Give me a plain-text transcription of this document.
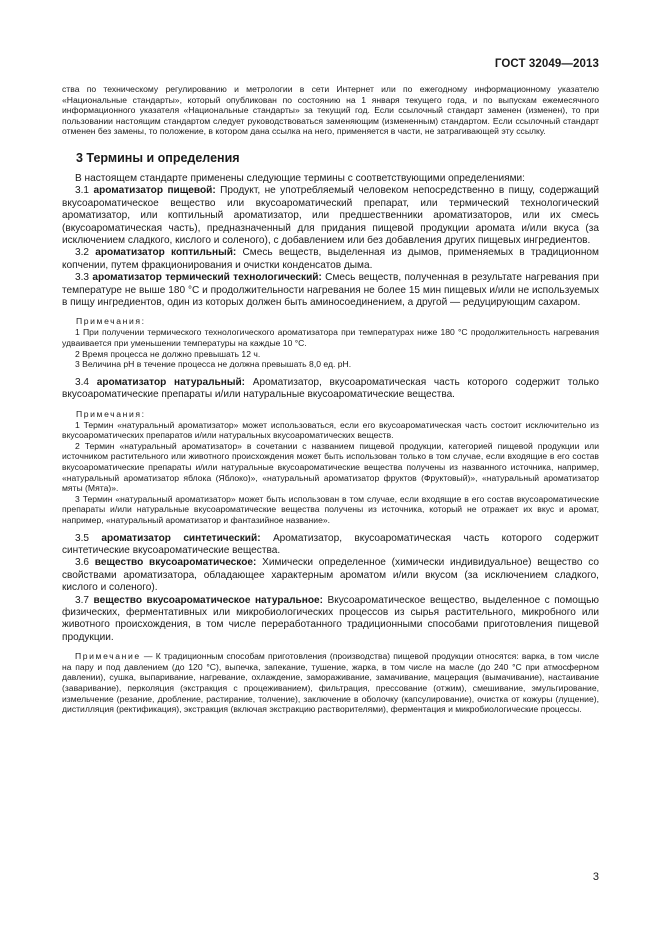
ГОСТ 32049—2013

ства по техническому регулированию и метрологии в сети Интернет или по ежегодному информационному указателю «Национальные стандарты», который опубликован по состоянию на 1 января текущего года, и по выпускам ежемесячного информационного указателя «Национальные стандарты» за текущий год. Если ссылочный стандарт заменен (изменен), то при пользовании настоящим стандартом следует руководствоваться заменяющим (измененным) стандартом. Если ссылочный стандарт отменен без замены, то положение, в котором дана ссылка на него, применяется в части, не затрагивающей эту ссылку.

3 Термины и определения

В настоящем стандарте применены следующие термины с соответствующими определениями:

3.1 ароматизатор пищевой: Продукт, не употребляемый человеком непосредственно в пищу, содержащий вкусоароматическое вещество или вкусоароматический препарат, или термический технологический ароматизатор, или коптильный ароматизатор, или предшественники ароматизаторов, или их смесь (вкусоароматическая часть), предназначенный для придания пищевой продукции аромата и/или вкуса (за исключением сладкого, кислого и соленого), с добавлением или без добавления других пищевых ингредиентов.

3.2 ароматизатор коптильный: Смесь веществ, выделенная из дымов, применяемых в традиционном копчении, путем фракционирования и очистки конденсатов дыма.

3.3 ароматизатор термический технологический: Смесь веществ, полученная в результате нагревания при температуре не выше 180 °С и продолжительности нагревания не более 15 мин пищевых и/или не используемых в пищу ингредиентов, один из которых должен быть аминосоединением, а другой — редуцирующим сахаром.

Примечания:

1 При получении термического технологического ароматизатора при температурах ниже 180 °С продолжительность нагревания удваивается при уменьшении температуры на каждые 10 °С.

2 Время процесса не должно превышать 12 ч.

3 Величина pH в течение процесса не должна превышать 8,0 ед. pH.

3.4 ароматизатор натуральный: Ароматизатор, вкусоароматическая часть которого содержит только вкусоароматические препараты и/или натуральные вкусоароматические вещества.

Примечания:

1 Термин «натуральный ароматизатор» может использоваться, если его вкусоароматическая часть состоит исключительно из вкусоароматических препаратов и/или натуральных вкусоароматических веществ.

2 Термин «натуральный ароматизатор» в сочетании с названием пищевой продукции, категорией пищевой продукции или источником растительного или животного происхождения может быть использован только в том случае, если входящие в его состав вкусоароматические препараты и/или натуральные вкусоароматические вещества получены из названного источника, например, «натуральный ароматизатор яблока (Яблоко)», «натуральный ароматизатор фруктов (Фруктовый)», «натуральный ароматизатор мяты (Мята)».

3 Термин «натуральный ароматизатор» может быть использован в том случае, если входящие в его состав вкусоароматические препараты и/или натуральные вкусоароматические вещества получены из источника, который не отражает их вкус и аромат, например, «натуральный ароматизатор и фантазийное название».

3.5 ароматизатор синтетический: Ароматизатор, вкусоароматическая часть которого содержит синтетические вкусоароматические вещества.

3.6 вещество вкусоароматическое: Химически определенное (химически индивидуальное) вещество со свойствами ароматизатора, обладающее характерным ароматом и/или вкусом (за исключением сладкого, кислого и соленого).

3.7 вещество вкусоароматическое натуральное: Вкусоароматическое вещество, выделенное с помощью физических, ферментативных или микробиологических процессов из сырья растительного, микробного или животного происхождения, в том числе переработанного традиционными способами приготовления пищевой продукции.

Примечание — К традиционным способам приготовления (производства) пищевой продукции относятся: варка, в том числе на пару и под давлением (до 120 °С), выпечка, запекание, тушение, жарка, в том числе на масле (до 240 °С при атмосферном давлении), сушка, выпаривание, нагревание, охлаждение, замораживание, замачивание, мацерация (вымачивание), настаивание (заваривание), перколяция (экстракция с процеживанием), фильтрация, прессование (отжим), смешивание, эмульгирование, измельчение (резание, дробление, растирание, толчение), заключение в оболочку (капсулирование), очистка от кожуры (лущение), дистилляция (ректификация), экстракция (включая экстракцию растворителями), ферментация и микробиологические процессы.

3
